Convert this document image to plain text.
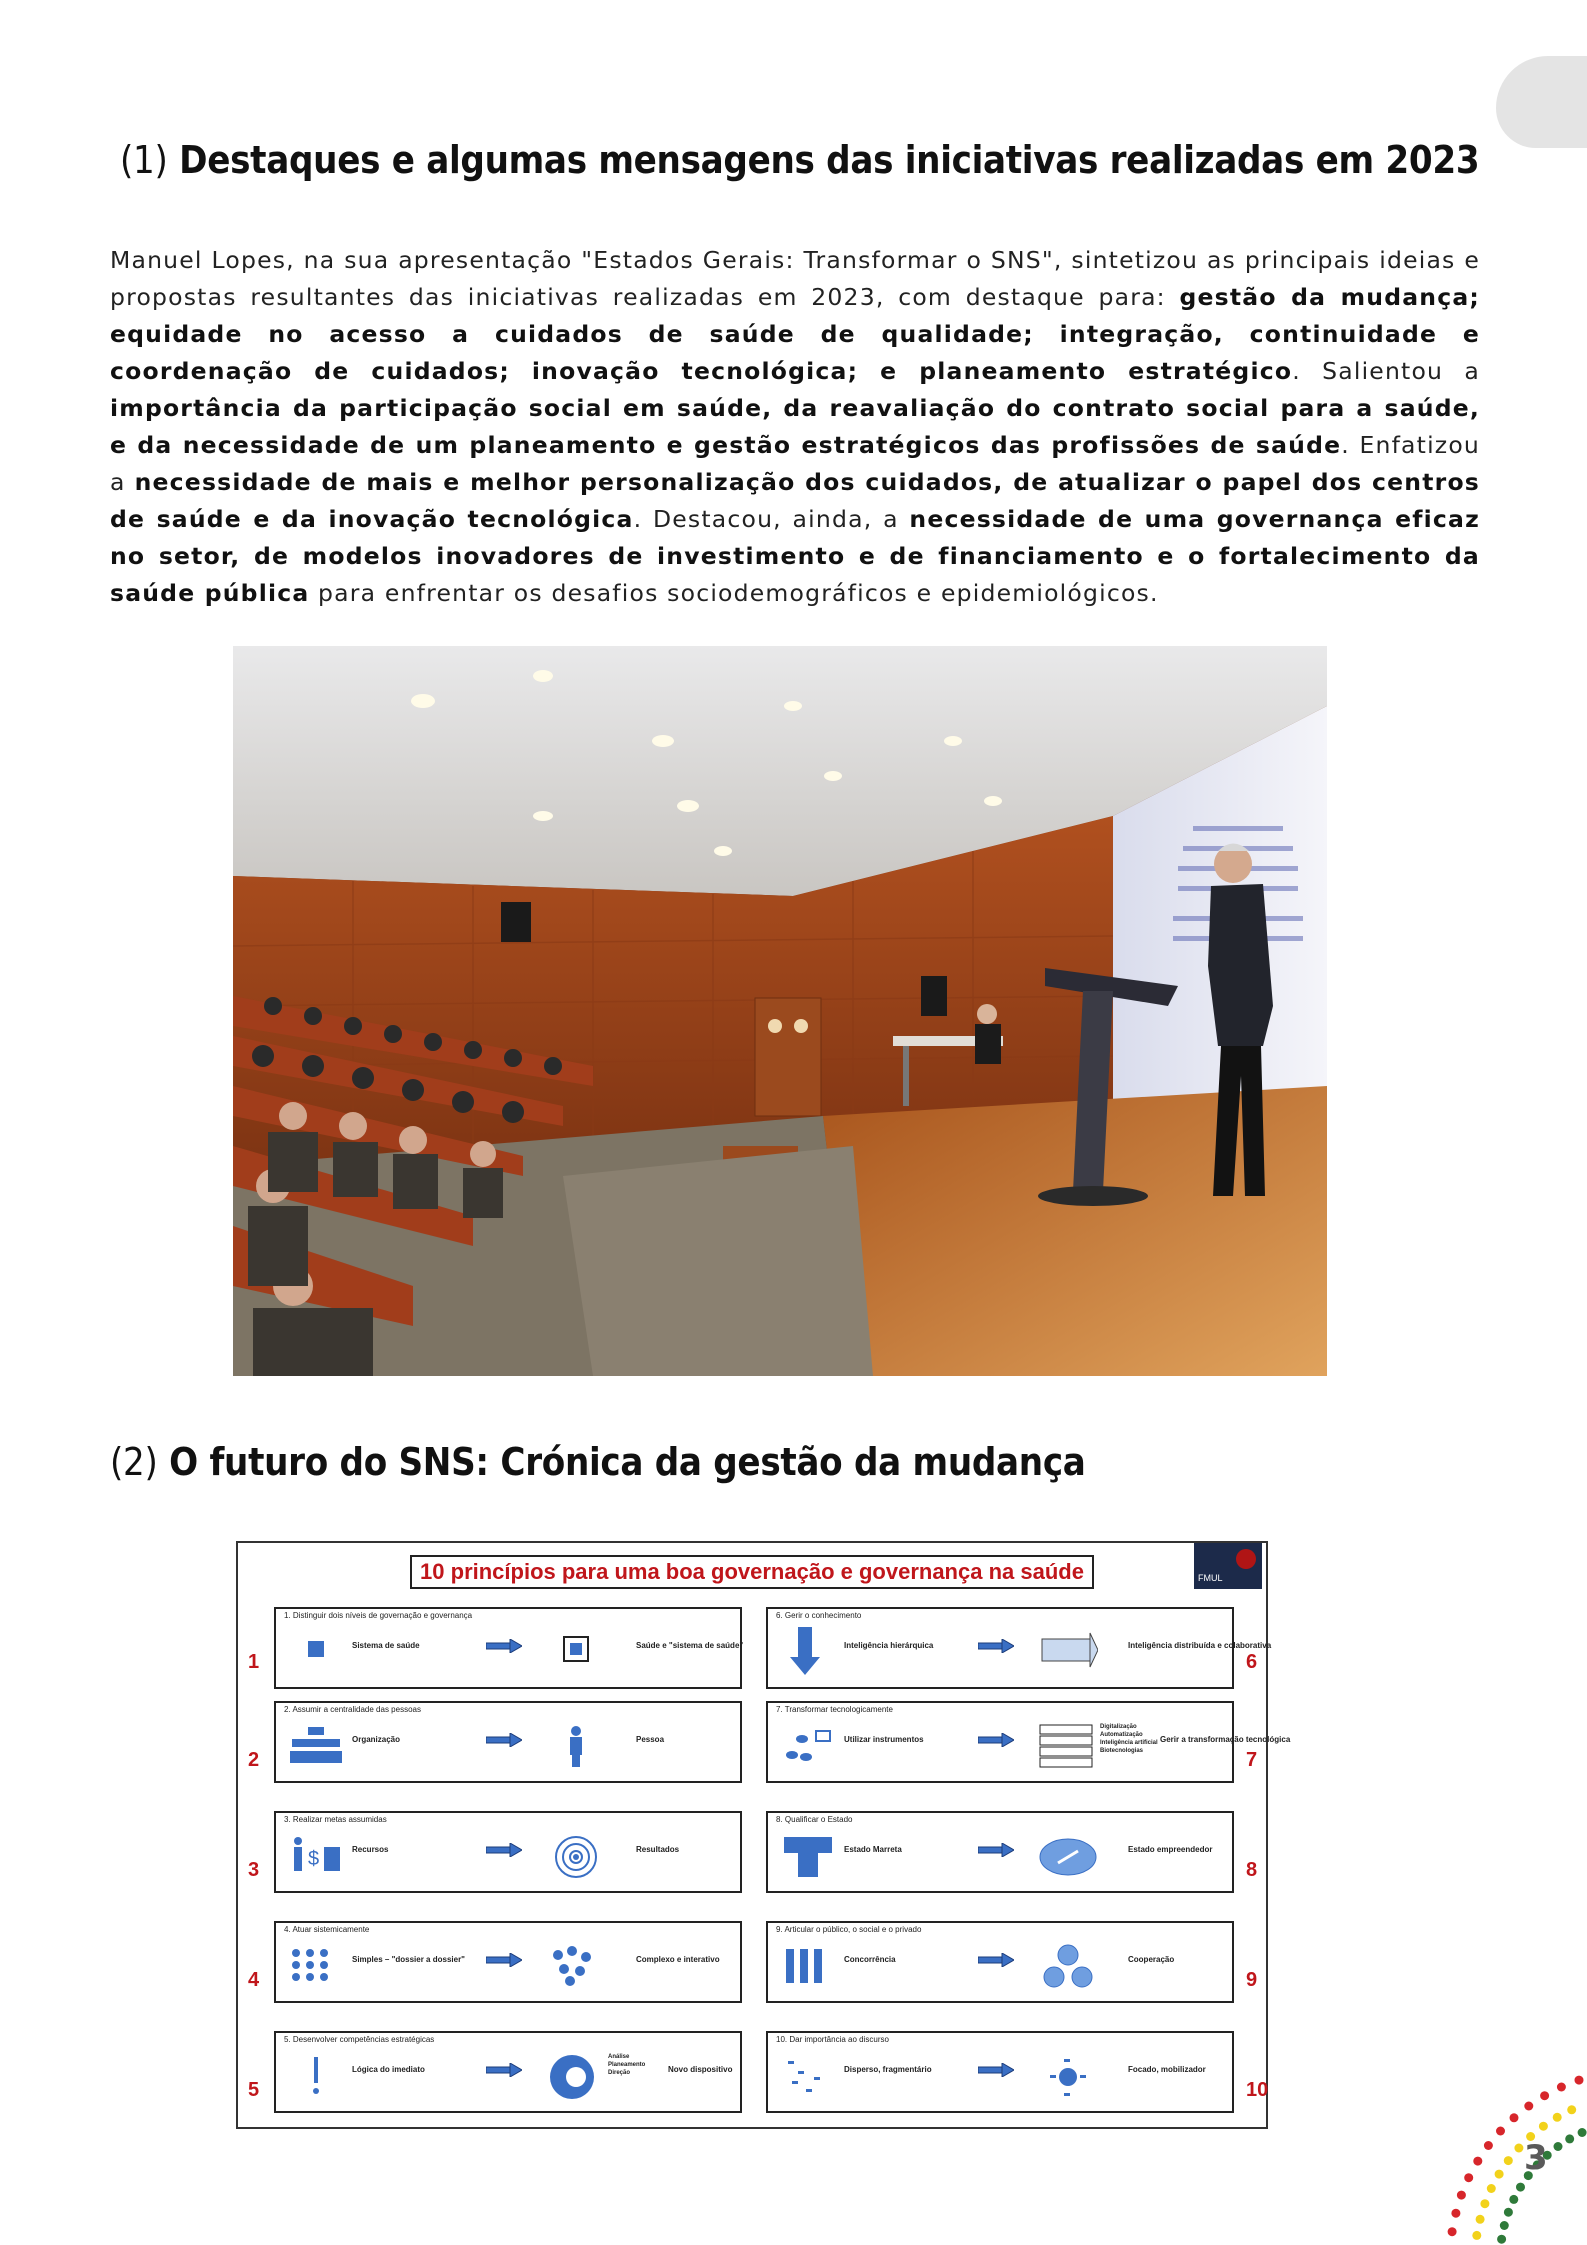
(1) Destaques e algumas mensagens das iniciativas realizadas em 2023

Manuel Lopes, na sua apresentação "Estados Gerais: Transformar o SNS", sintetizou as principais ideias e propostas resultantes das iniciativas realizadas em 2023, com destaque para: gestão da mudança; equidade no acesso a cuidados de saúde de qualidade; integração, continuidade e coordenação de cuidados; inovação tecnológica; e planeamento estratégico. Salientou a importância da participação social em saúde, da reavaliação do contrato social para a saúde, e da necessidade de um planeamento e gestão estratégicos das profissões de saúde. Enfatizou a necessidade de mais e melhor personalização dos cuidados, de atualizar o papel dos centros de saúde e da inovação tecnológica. Destacou, ainda, a necessidade de uma governança eficaz no setor, de modelos inovadores de investimento e de financiamento e o fortalecimento da saúde pública para enfrentar os desafios sociodemográficos e epidemiológicos.

(2) O futuro do SNS: Crónica da gestão da mudança
10 princípios para uma boa governação e governança na saúde	FMUL
1. Distinguir dois níveis de governação e governança
Sistema de saúde	Saúde e "sistema de saúde"
1
2. Assumir a centralidade das pessoas
Organização	Pessoa
2
3. Realizar metas assumidas
$	Recursos	Resultados
3
4. Atuar sistemicamente
Simples – "dossier a dossier"	Complexo e interativo
4
5. Desenvolver competências estratégicas
Lógica do imediato
Análise
Planeamento
Direção	Novo dispositivo
5
6. Gerir o conhecimento
Inteligência hierárquica	Inteligência distribuída e colaborativa
6
7. Transformar tecnologicamente
Utilizar instrumentos
Digitalização
Automatização
Inteligência artificial
Biotecnologias
Gerir a transformação tecnológica
7
8. Qualificar o Estado
Estado Marreta	Estado empreendedor
8
9. Articular o público, o social e o privado
Concorrência	Cooperação
9
10. Dar importância ao discurso
Disperso, fragmentário	Focado, mobilizador
10
3
